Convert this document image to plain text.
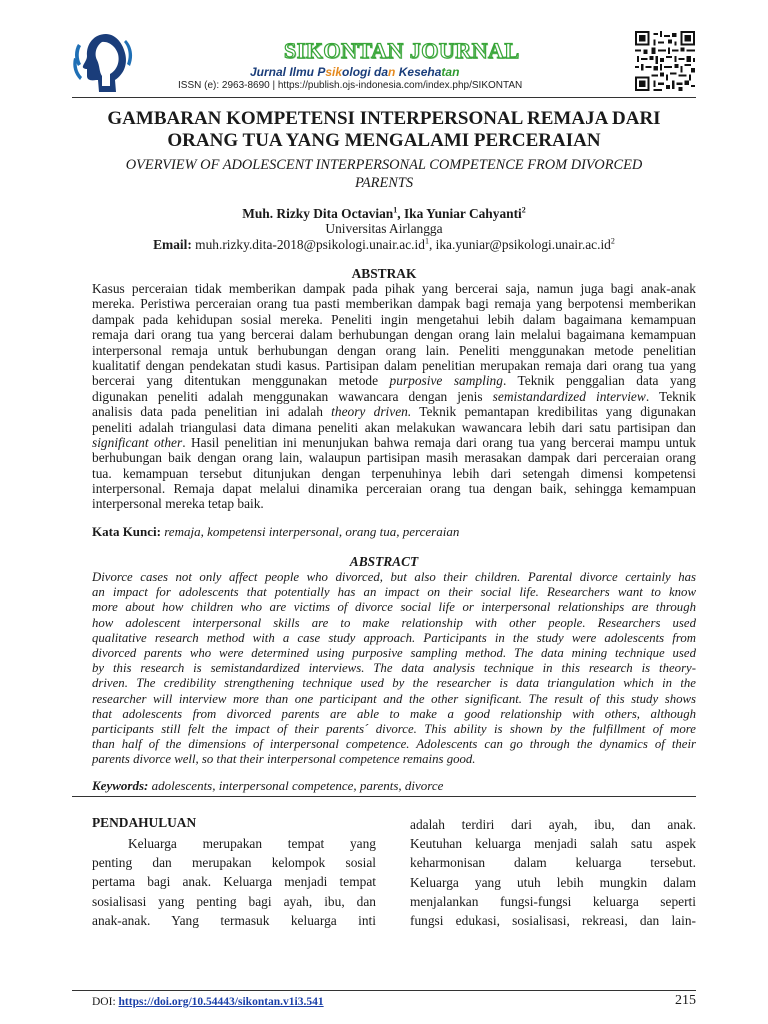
SIKONTAN JOURNAL
Jurnal Ilmu Psikologi dan Kesehatan
ISSN (e): 2963-8690 | https://publish.ojs-indonesia.com/index.php/SIKONTAN
GAMBARAN KOMPETENSI INTERPERSONAL REMAJA DARI ORANG TUA YANG MENGALAMI PERCERAIAN
OVERVIEW OF ADOLESCENT INTERPERSONAL COMPETENCE FROM DIVORCED PARENTS
Muh. Rizky Dita Octavian$^1$, Ika Yuniar Cahyanti$^2$
Universitas Airlangga
Email: $muh.rizky.dita-2018@psikologi.unair.ac.id^1$, $ika.yuniar@psikologi.unair.ac.id^2$
ABSTRAK
Kasus perceraian tidak memberikan dampak pada pihak yang bercerai saja, namun juga bagi anak-anak
mereka. Peristiwa perceraian orang tua pasti memberikan dampak bagi remaja yang berpotensi memberikan
dampak pada kehidupan sosial mereka. Peneliti ingin mengetahui lebih dalam bagaimana kemampuan
remaja dari orang tua yang bercerai dalam berhubungan dengan orang lain melalui bagaimana kemampuan
interpersonal remaja untuk berhubungan dengan orang lain. Peneliti menggunakan metode penelitian
kualitatif dengan pendekatan studi kasus. Partisipan dalam penelitian merupakan remaja dari orang tua yang
bercerai yang ditentukan menggunakan metode purposive sampling. Teknik penggalian data yang
digunakan peneliti adalah menggunakan wawancara dengan jenis semistandardized interview. Teknik
analisis data pada penelitian ini adalah theory driven. Teknik pemantapan kredibilitas yang digunakan
peneliti adalah triangulasi data dimana peneliti akan melakukan wawancara lebih dari satu partisipan dan
significant other. Hasil penelitian ini menunjukan bahwa remaja dari orang tua yang bercerai mampu untuk
berhubungan baik dengan orang lain, walaupun partisipan masih merasakan dampak dari perceraian orang
tua. kemampuan tersebut ditunjukan dengan terpenuhinya lebih dari setengah dimensi kompetensi
interpersonal. Remaja dapat melalui dinamika perceraian orang tua dengan baik, sehingga kemampuan
interpersonal mereka tetap baik.
Kata Kunci: remaja, kompetensi interpersonal, orang tua, perceraian
ABSTRACT
Divorce cases not only affect people who divorced, but also their children. Parental divorce certainly has
an impact for adolescents that potentially has an impact on their social life. Researchers want to know
more about how children who are victims of divorce social life or interpersonal relationships are through
how adolescent interpersonal skills are to make relationship with other people. Researchers used
qualitative research method with a case study approach. Participants in the study were adolescents from
divorced parents who were determined using purposive sampling method. The data mining technique used
by this research is semistandardized interviews. The data analysis technique in this research is theory-
driven. The credibility strengthening technique used by the researcher is data triangulation which in the
researcher will interview more than one participant and the other significant. The result of this study shows
that adolescents from divorced parents are able to make a good relationship with others, although
participants still felt the impact of their parents´ divorce. This ability is shown by the fulfillment of more
than half of the dimensions of interpersonal competence. Adolescents can go through the dynamics of their
parents divorce well, so that their interpersonal competence remains good.
Keywords: adolescents, interpersonal competence, parents, divorce
PENDAHULUAN
Keluarga merupakan tempat yang
penting dan merupakan kelompok sosial
pertama bagi anak. Keluarga menjadi tempat
sosialisasi yang penting bagi ayah, ibu, dan
anak-anak. Yang termasuk keluarga inti
adalah terdiri dari ayah, ibu, dan anak.
Keutuhan keluarga menjadi salah satu aspek
keharmonisan dalam keluarga tersebut.
Keluarga yang utuh lebih mungkin dalam
menjalankan fungsi-fungsi keluarga seperti
fungsi edukasi, sosialisasi, rekreasi, dan lain-
DOI: https://doi.org/10.54443/sikontan.v1i3.541	215
